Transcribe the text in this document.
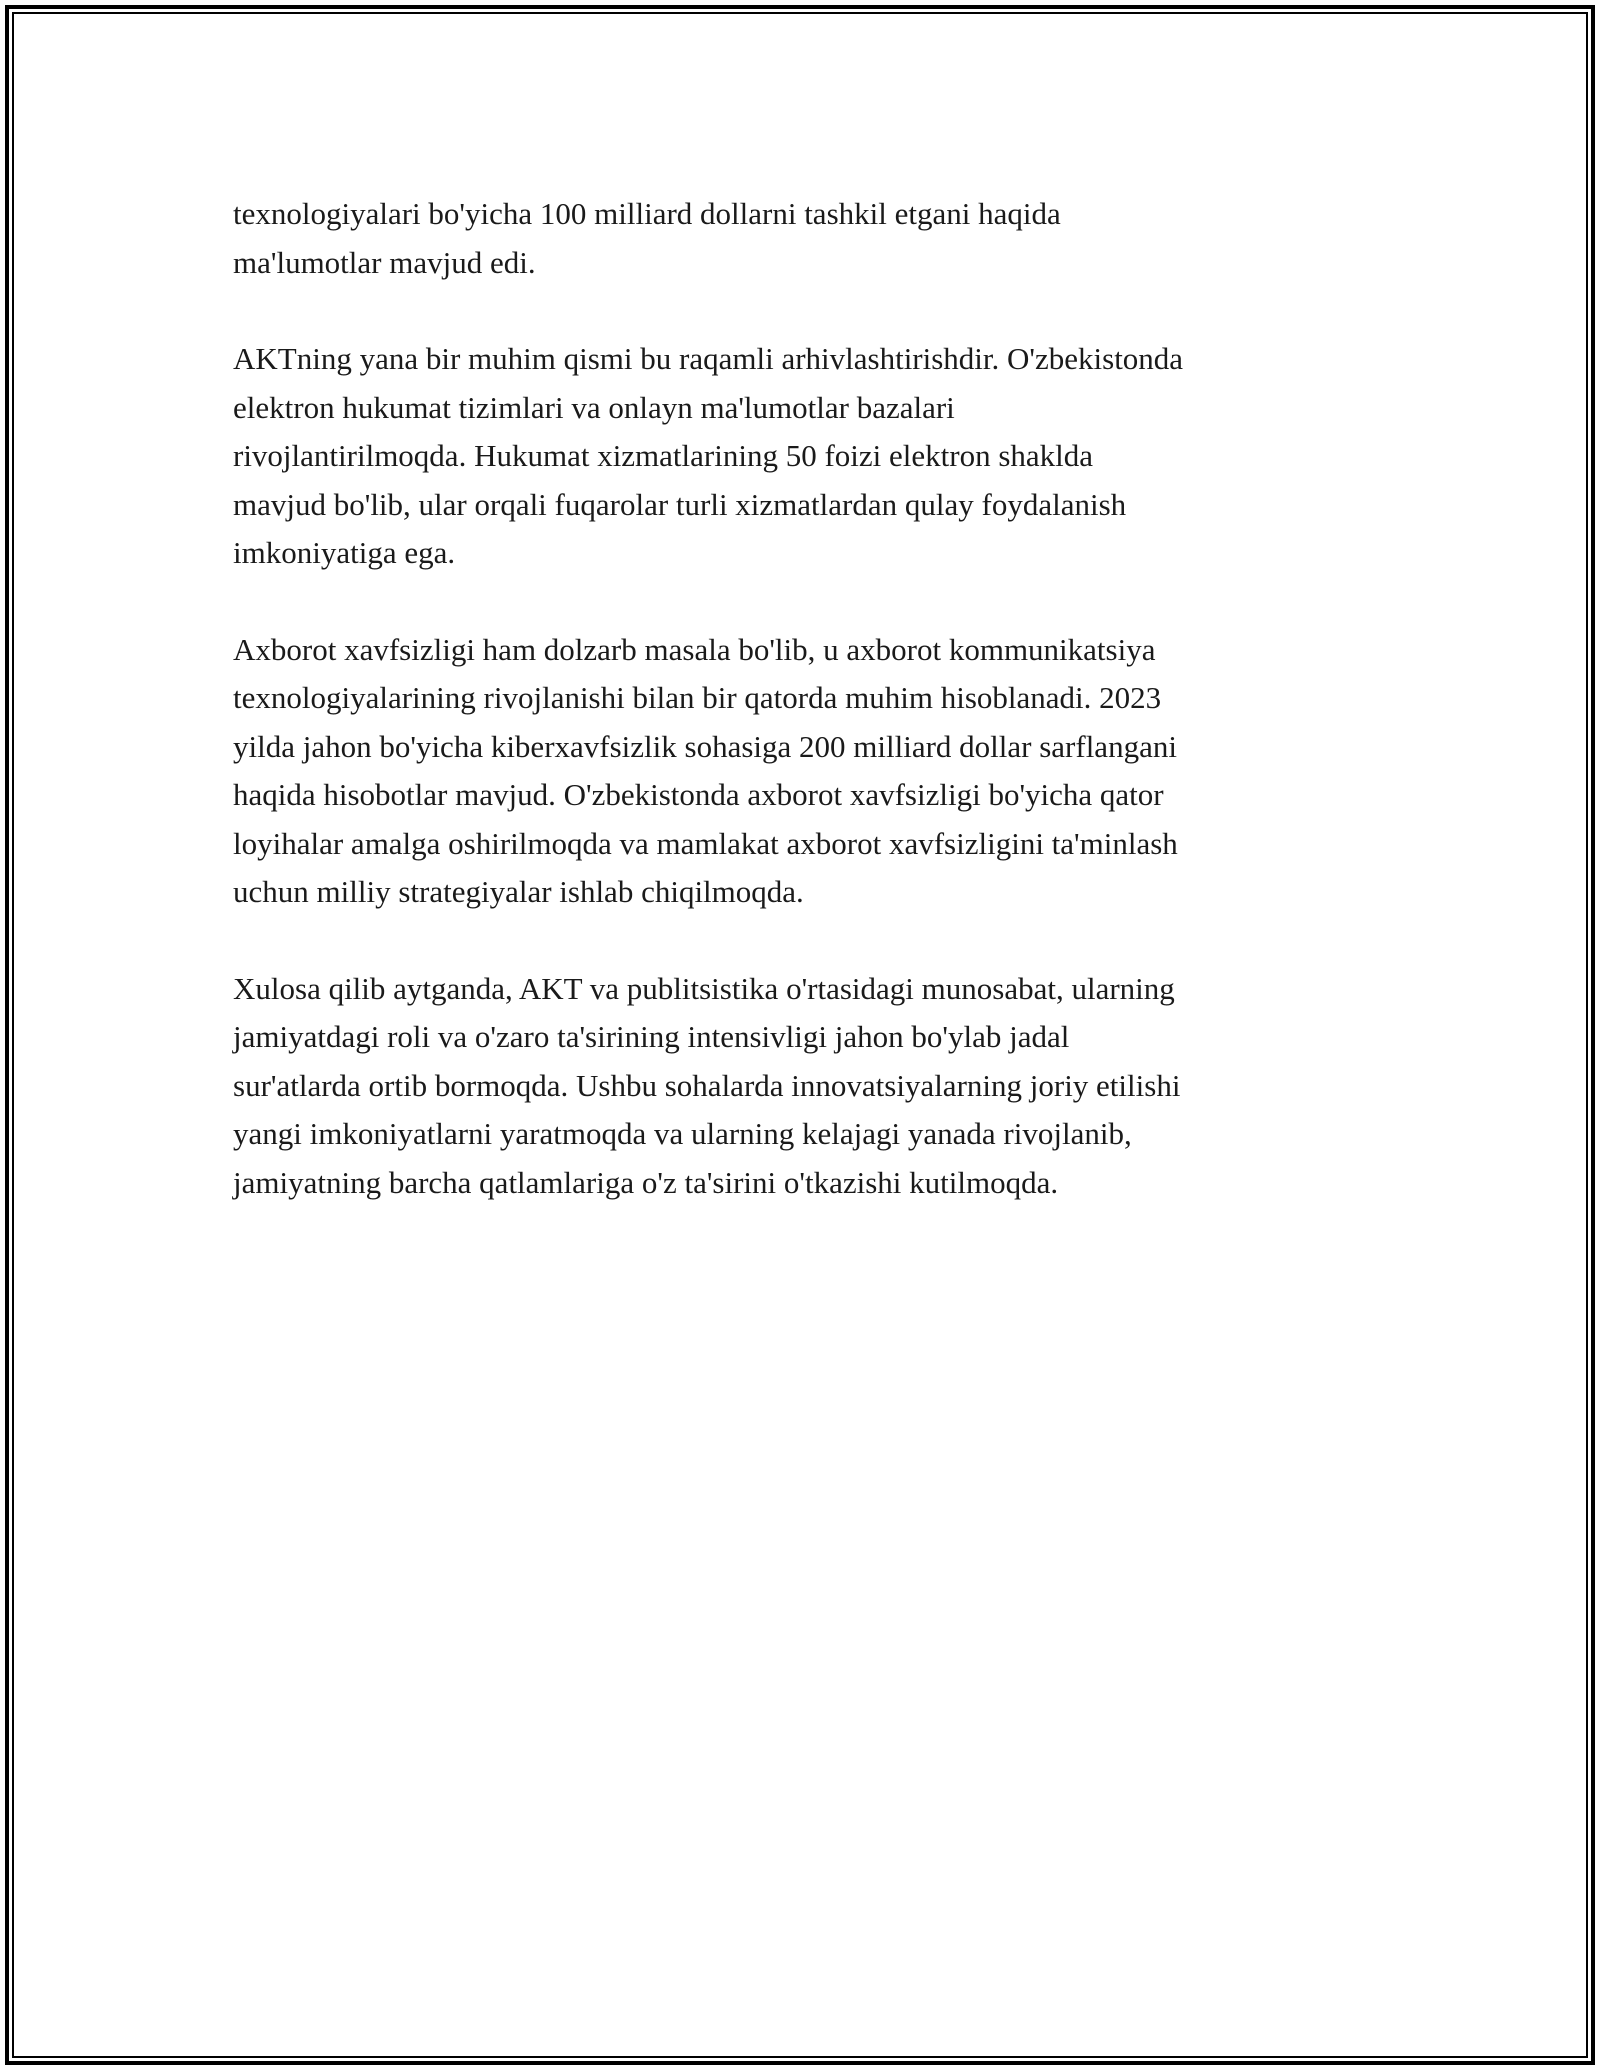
texnologiyalari bo'yicha 100 milliard dollarni tashkil etgani haqida
ma'lumotlar mavjud edi.

AKTning yana bir muhim qismi bu raqamli arhivlashtirishdir. O'zbekistonda
elektron hukumat tizimlari va onlayn ma'lumotlar bazalari
rivojlantirilmoqda. Hukumat xizmatlarining 50 foizi elektron shaklda
mavjud bo'lib, ular orqali fuqarolar turli xizmatlardan qulay foydalanish
imkoniyatiga ega.

Axborot xavfsizligi ham dolzarb masala bo'lib, u axborot kommunikatsiya
texnologiyalarining rivojlanishi bilan bir qatorda muhim hisoblanadi. 2023
yilda jahon bo'yicha kiberxavfsizlik sohasiga 200 milliard dollar sarflangani
haqida hisobotlar mavjud. O'zbekistonda axborot xavfsizligi bo'yicha qator
loyihalar amalga oshirilmoqda va mamlakat axborot xavfsizligini ta'minlash
uchun milliy strategiyalar ishlab chiqilmoqda.

Xulosa qilib aytganda, AKT va publitsistika o'rtasidagi munosabat, ularning
jamiyatdagi roli va o'zaro ta'sirining intensivligi jahon bo'ylab jadal
sur'atlarda ortib bormoqda. Ushbu sohalarda innovatsiyalarning joriy etilishi
yangi imkoniyatlarni yaratmoqda va ularning kelajagi yanada rivojlanib,
jamiyatning barcha qatlamlariga o'z ta'sirini o'tkazishi kutilmoqda.
